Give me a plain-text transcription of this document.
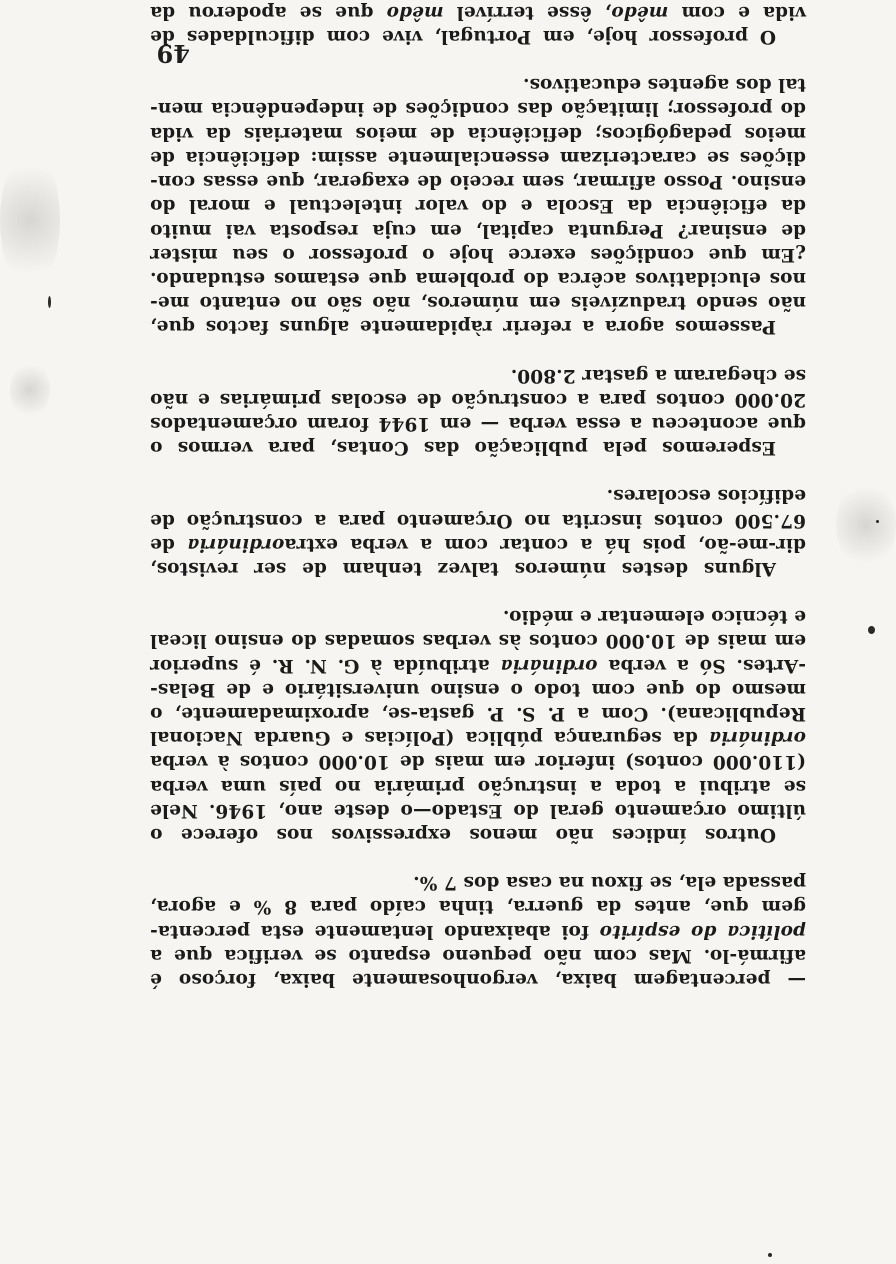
— percentagem baixa, vergonhosamente baixa, forçoso é
afirmá-lo. Mas com não pequeno espanto se verifica que a
política do espírito foi abaixando lentamente esta percenta-
gem que, antes da guerra, tinha caído para 8 % e agora,
passada ela, se fixou na casa dos 7 %.
Outros índices não menos expressivos nos oferece o
último orçamento geral do Estado—o deste ano, 1946. Nele
se atribui a toda a instrução primária no país uma verba
(110.000 contos) inferior em mais de 10.000 contos à verba
ordinária da segurança pública (Polícias e Guarda Nacional
Republicana). Com a P. S. P. gasta-se, aproximadamente, o
mesmo do que com todo o ensino universitário e de Belas-
-Artes. Só a verba ordinária atribuída à G. N. R. é superior
em mais de 10.000 contos às verbas somadas do ensino liceal
e técnico elementar e médio.
Alguns destes números talvez tenham de ser revistos,
dir-me-ão, pois há a contar com a verba extraordinária de
67.500 contos inscrita no Orçamento para a construção de
edifícios escolares.
Esperemos pela publicação das Contas, para vermos o
que aconteceu a essa verba — em 1944 foram orçamentados
20.000 contos para a construção de escolas primárias e não
se chegaram a gastar 2.800.
Passemos agora a referir ràpidamente alguns factos que,
não sendo traduzíveis em números, não são no entanto me-
nos elucidativos acêrca do problema que estamos estudando.
¿Em que condições exerce hoje o professor o seu mister
de ensinar? Pergunta capital, em cuja resposta vai muito
da eficiência da Escola e do valor intelectual e moral do
ensino. Posso afirmar, sem receio de exagerar, que essas con-
dições se caracterizam essencialmente assim: deficiência de
meios pedagógicos; deficiência de meios materiais da vida
do professor; limitação das condições de independência men-
tal dos agentes educativos.
O professor hoje, em Portugal, vive com dificuldades de
vida e com mêdo, êsse terrível mêdo que se apoderou da
49
